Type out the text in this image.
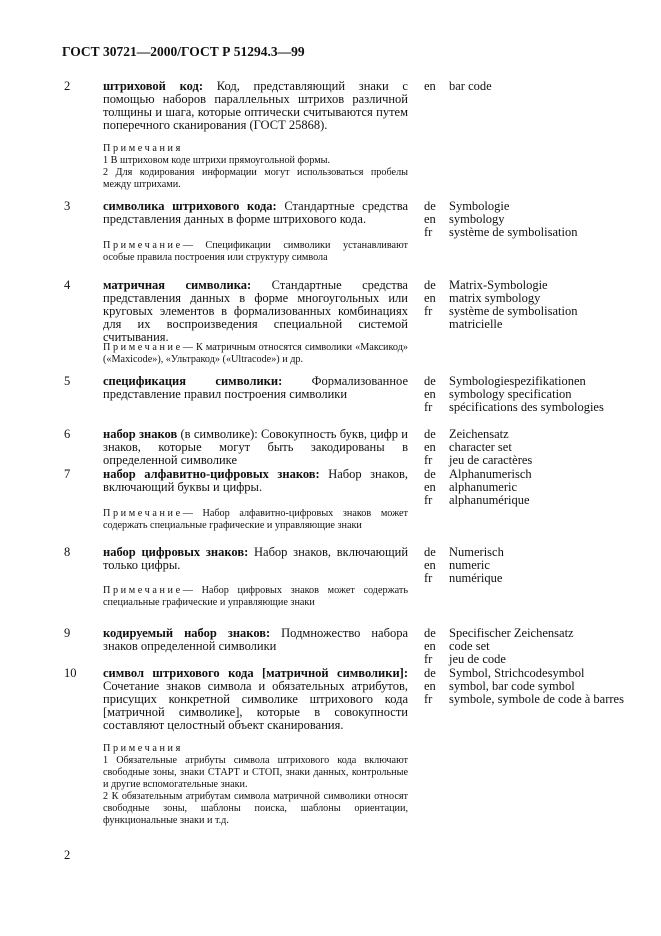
ГОСТ 30721—2000/ГОСТ Р 51294.3—99
2	штриховой код: Код, представляющий знаки с помощью наборов параллельных штрихов различной толщины и шага, которые оптически считываются путем поперечного сканирования (ГОСТ 25868).

Примечания

1 В штриховом коде штрихи прямоугольной формы.

2 Для кодирования информации могут использоваться пробелы между штрихами.

en	bar code
3	символика штрихового кода: Стандартные средства представления данных в форме штрихового кода.
Примечание— Спецификации символики устанавливают особые правила построения или структуру символа
de	Symbologie
en	symbology
fr	système de symbolisation
4	матричная символика: Стандартные средства представления данных в форме многоугольных или круговых элементов в формализованных комбинациях для их воспроизведения специальной системой считывания.
Примечание— К матричным относятся символики «Максикод» («Maxicode»), «Ультракод» («Ultracode») и др.
de	Matrix-Symbologie
en	matrix symbology
fr	système de symbolisation matricielle
5	спецификация символики: Формализованное представление правил построения символики
de	Symbologiespezifikationen
en	symbology specification
fr	spécifications des symbologies
6	набор знаков (в символике): Совокупность букв, цифр и знаков, которые могут быть закодированы в определенной символике
de	Zeichensatz
en	character set
fr	jeu de caractères
7	набор алфавитно-цифровых знаков: Набор знаков, включающий буквы и цифры.
Примечание— Набор алфавитно-цифровых знаков может содержать специальные графические и управляющие знаки
de	Alphanumerisch
en	alphanumeric
fr	alphanumérique
8	набор цифровых знаков: Набор знаков, включающий только цифры.
Примечание— Набор цифровых знаков может содержать специальные графические и управляющие знаки
de	Numerisch
en	numeric
fr	numérique
9	кодируемый набор знаков: Подмножество набора знаков определенной символики
de	Specifischer Zeichensatz
en	code set
fr	jeu de code
10 символ штрихового кода [матричной символики]: Сочетание знаков символа и обязательных атрибутов, присущих конкретной символике штрихового кода [матричной символике], которые в совокупности составляют целостный объект сканирования.

Примечания

1 Обязательные атрибуты символа штрихового кода включают свободные зоны, знаки СТАРТ и СТОП, знаки данных, контрольные и другие вспомогательные знаки.

2 К обязательным атрибутам символа матричной символики относят свободные зоны, шаблоны поиска, шаблоны ориентации, функциональные знаки и т.д.

de	Symbol, Strichcodesymbol
en	symbol, bar code symbol
fr	symbole, symbole de code à barres
2
